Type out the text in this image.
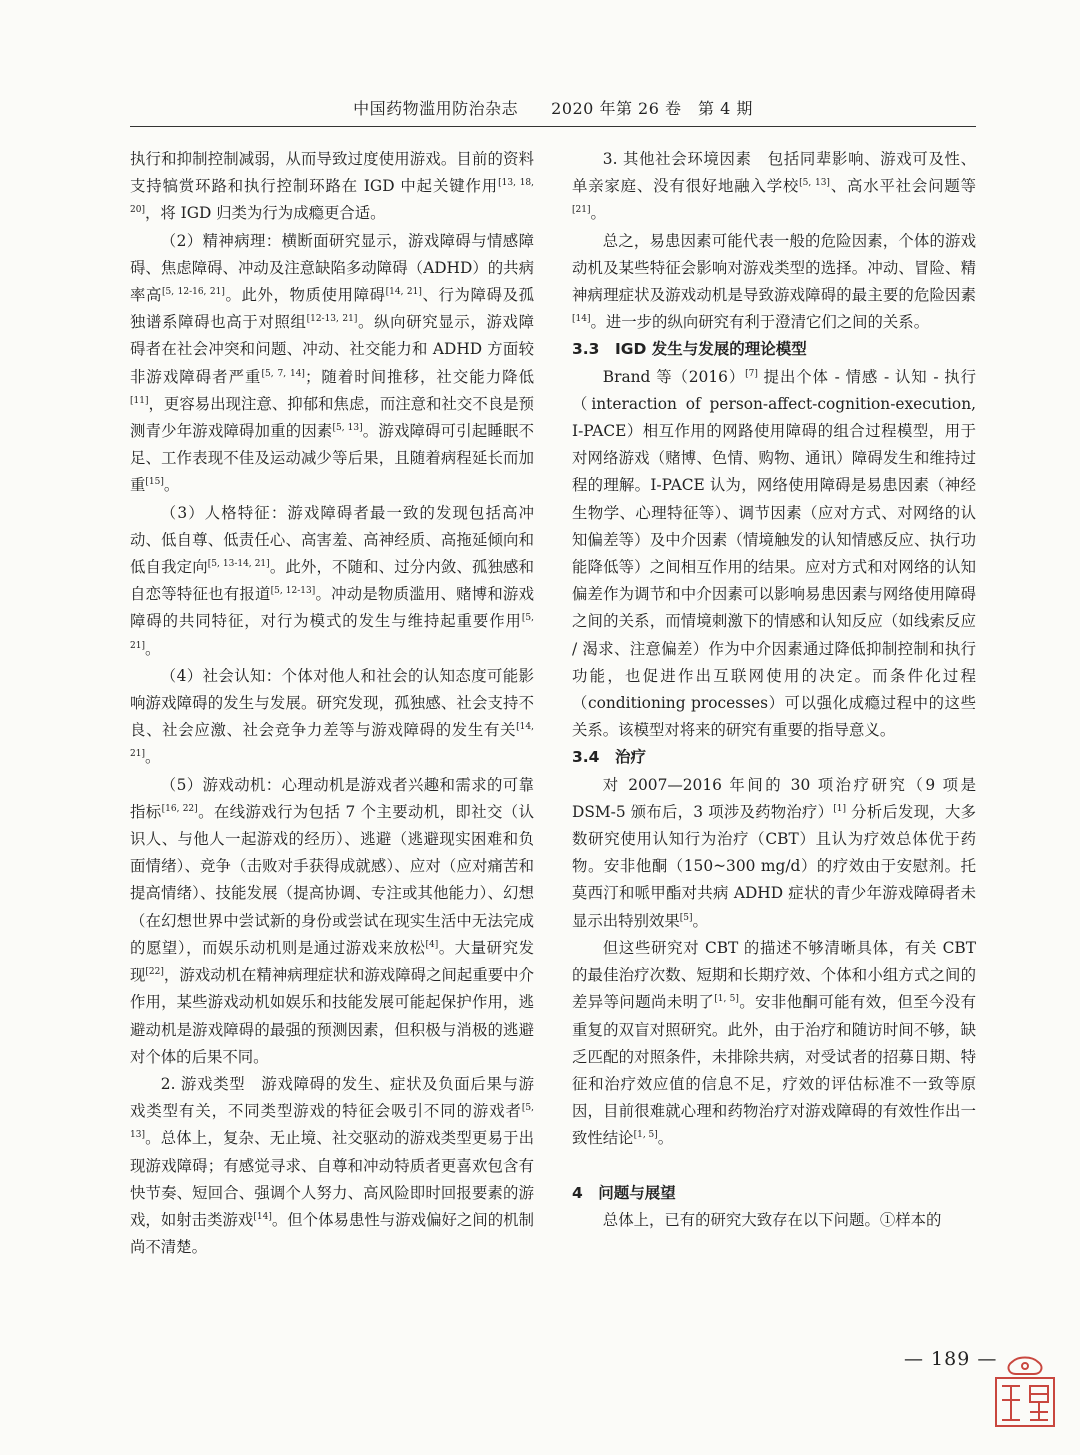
中国药物滥用防治杂志　　2020 年第 26 卷　第 4 期

执行和抑制控制减弱，从而导致过度使用游戏。目前的资料支持犒赏环路和执行控制环路在 IGD 中起关键作用[13, 18, 20]，将 IGD 归类为行为成瘾更合适。

（2）精神病理：横断面研究显示，游戏障碍与情感障碍、焦虑障碍、冲动及注意缺陷多动障碍（ADHD）的共病率高[5, 12-16, 21]。此外，物质使用障碍[14, 21]、行为障碍及孤独谱系障碍也高于对照组[12-13, 21]。纵向研究显示，游戏障碍者在社会冲突和问题、冲动、社交能力和 ADHD 方面较非游戏障碍者严重[5, 7, 14]；随着时间推移，社交能力降低[11]，更容易出现注意、抑郁和焦虑，而注意和社交不良是预测青少年游戏障碍加重的因素[5, 13]。游戏障碍可引起睡眠不足、工作表现不佳及运动减少等后果，且随着病程延长而加重[15]。

（3）人格特征：游戏障碍者最一致的发现包括高冲动、低自尊、低责任心、高害羞、高神经质、高拖延倾向和低自我定向[5, 13-14, 21]。此外，不随和、过分内敛、孤独感和自恋等特征也有报道[5, 12-13]。冲动是物质滥用、赌博和游戏障碍的共同特征，对行为模式的发生与维持起重要作用[5, 21]。

（4）社会认知：个体对他人和社会的认知态度可能影响游戏障碍的发生与发展。研究发现，孤独感、社会支持不良、社会应激、社会竞争力差等与游戏障碍的发生有关[14, 21]。

（5）游戏动机：心理动机是游戏者兴趣和需求的可靠指标[16, 22]。在线游戏行为包括 7 个主要动机，即社交（认识人、与他人一起游戏的经历）、逃避（逃避现实困难和负面情绪）、竞争（击败对手获得成就感）、应对（应对痛苦和提高情绪）、技能发展（提高协调、专注或其他能力）、幻想（在幻想世界中尝试新的身份或尝试在现实生活中无法完成的愿望），而娱乐动机则是通过游戏来放松[4]。大量研究发现[22]，游戏动机在精神病理症状和游戏障碍之间起重要中介作用，某些游戏动机如娱乐和技能发展可能起保护作用，逃避动机是游戏障碍的最强的预测因素，但积极与消极的逃避对个体的后果不同。

2. 游戏类型　游戏障碍的发生、症状及负面后果与游戏类型有关，不同类型游戏的特征会吸引不同的游戏者[5, 13]。总体上，复杂、无止境、社交驱动的游戏类型更易于出现游戏障碍；有感觉寻求、自尊和冲动特质者更喜欢包含有快节奏、短回合、强调个人努力、高风险即时回报要素的游戏，如射击类游戏[14]。但个体易患性与游戏偏好之间的机制尚不清楚。

3. 其他社会环境因素　包括同辈影响、游戏可及性、单亲家庭、没有很好地融入学校[5, 13]、高水平社会问题等[21]。

总之，易患因素可能代表一般的危险因素，个体的游戏动机及某些特征会影响对游戏类型的选择。冲动、冒险、精神病理症状及游戏动机是导致游戏障碍的最主要的危险因素[14]。进一步的纵向研究有利于澄清它们之间的关系。

3.3　IGD 发生与发展的理论模型

Brand 等（2016）[7] 提出个体 - 情感 - 认知 - 执行（interaction of person-affect-cognition-execution, I-PACE）相互作用的网路使用障碍的组合过程模型，用于对网络游戏（赌博、色情、购物、通讯）障碍发生和维持过程的理解。I-PACE 认为，网络使用障碍是易患因素（神经生物学、心理特征等）、调节因素（应对方式、对网络的认知偏差等）及中介因素（情境触发的认知情感反应、执行功能降低等）之间相互作用的结果。应对方式和对网络的认知偏差作为调节和中介因素可以影响易患因素与网络使用障碍之间的关系，而情境刺激下的情感和认知反应（如线索反应 / 渴求、注意偏差）作为中介因素通过降低抑制控制和执行功能，也促进作出互联网使用的决定。而条件化过程（conditioning processes）可以强化成瘾过程中的这些关系。该模型对将来的研究有重要的指导意义。

3.4　治疗

对 2007—2016 年间的 30 项治疗研究（9 项是 DSM-5 颁布后，3 项涉及药物治疗）[1] 分析后发现，大多数研究使用认知行为治疗（CBT）且认为疗效总体优于药物。安非他酮（150~300 mg/d）的疗效由于安慰剂。托莫西汀和哌甲酯对共病 ADHD 症状的青少年游戏障碍者未显示出特别效果[5]。

但这些研究对 CBT 的描述不够清晰具体，有关 CBT 的最佳治疗次数、短期和长期疗效、个体和小组方式之间的差异等问题尚未明了[1, 5]。安非他酮可能有效，但至今没有重复的双盲对照研究。此外，由于治疗和随访时间不够，缺乏匹配的对照条件，未排除共病，对受试者的招募日期、特征和治疗效应值的信息不足，疗效的评估标准不一致等原因，目前很难就心理和药物治疗对游戏障碍的有效性作出一致性结论[1, 5]。

4　问题与展望

总体上，已有的研究大致存在以下问题。①样本的

— 189 —
